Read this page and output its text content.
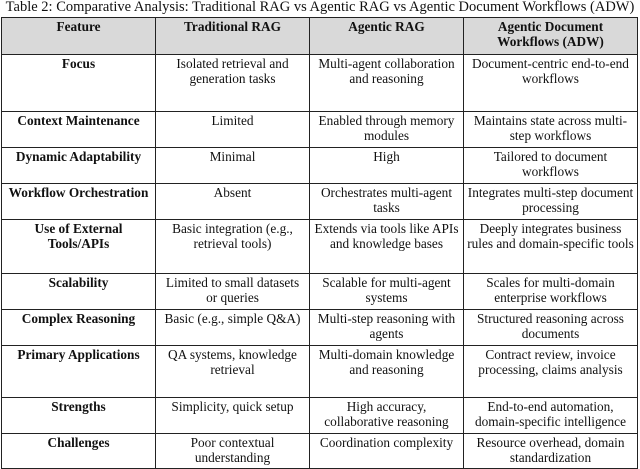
Table 2: Comparative Analysis: Traditional RAG vs Agentic RAG vs Agentic Document Workflows (ADW)
Feature	Traditional RAG	Agentic RAG	Agentic Document Workflows (ADW)
Focus	Isolated retrieval and generation tasks	Multi-agent collaboration and reasoning	Document-centric end-to-end workflows
Context Maintenance	Limited	Enabled through memory modules	Maintains state across multi-step workflows
Dynamic Adaptability	Minimal	High	Tailored to document workflows
Workflow Orchestration	Absent	Orchestrates multi-agent tasks	Integrates multi-step document processing
Use of External Tools/APIs	Basic integration (e.g., retrieval tools)	Extends via tools like APIs and knowledge bases	Deeply integrates business rules and domain-specific tools
Scalability	Limited to small datasets or queries	Scalable for multi-agent systems	Scales for multi-domain enterprise workflows
Complex Reasoning	Basic (e.g., simple Q&A)	Multi-step reasoning with agents	Structured reasoning across documents
Primary Applications	QA systems, knowledge retrieval	Multi-domain knowledge and reasoning	Contract review, invoice processing, claims analysis
Strengths	Simplicity, quick setup	High accuracy, collaborative reasoning	End-to-end automation, domain-specific intelligence
Challenges	Poor contextual understanding	Coordination complexity	Resource overhead, domain standardization
